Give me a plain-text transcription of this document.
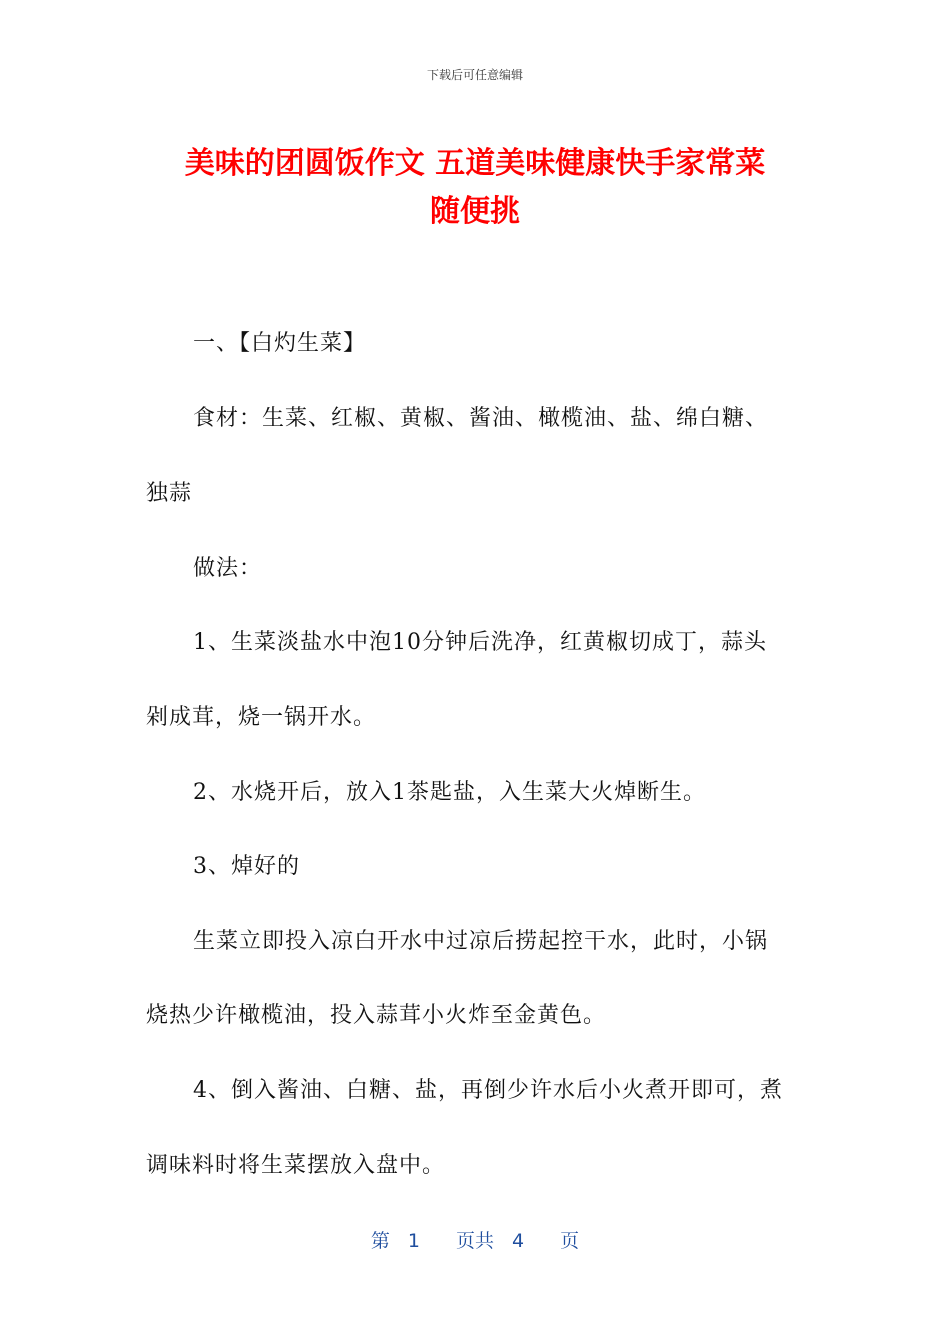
下载后可任意编辑
美味的团圆饭作文 五道美味健康快手家常菜
随便挑
一、【白灼生菜】
食材：生菜、红椒、黄椒、酱油、橄榄油、盐、绵白糖、
独蒜
做法：
1、生菜淡盐水中泡10分钟后洗净，红黄椒切成丁，蒜头
剁成茸，烧一锅开水。
2、水烧开后，放入1茶匙盐，入生菜大火焯断生。
3、焯好的
生菜立即投入凉白开水中过凉后捞起控干水，此时，小锅
烧热少许橄榄油，投入蒜茸小火炸至金黄色。
4、倒入酱油、白糖、盐，再倒少许水后小火煮开即可，煮
调味料时将生菜摆放入盘中。
第 1 页共 4 页
